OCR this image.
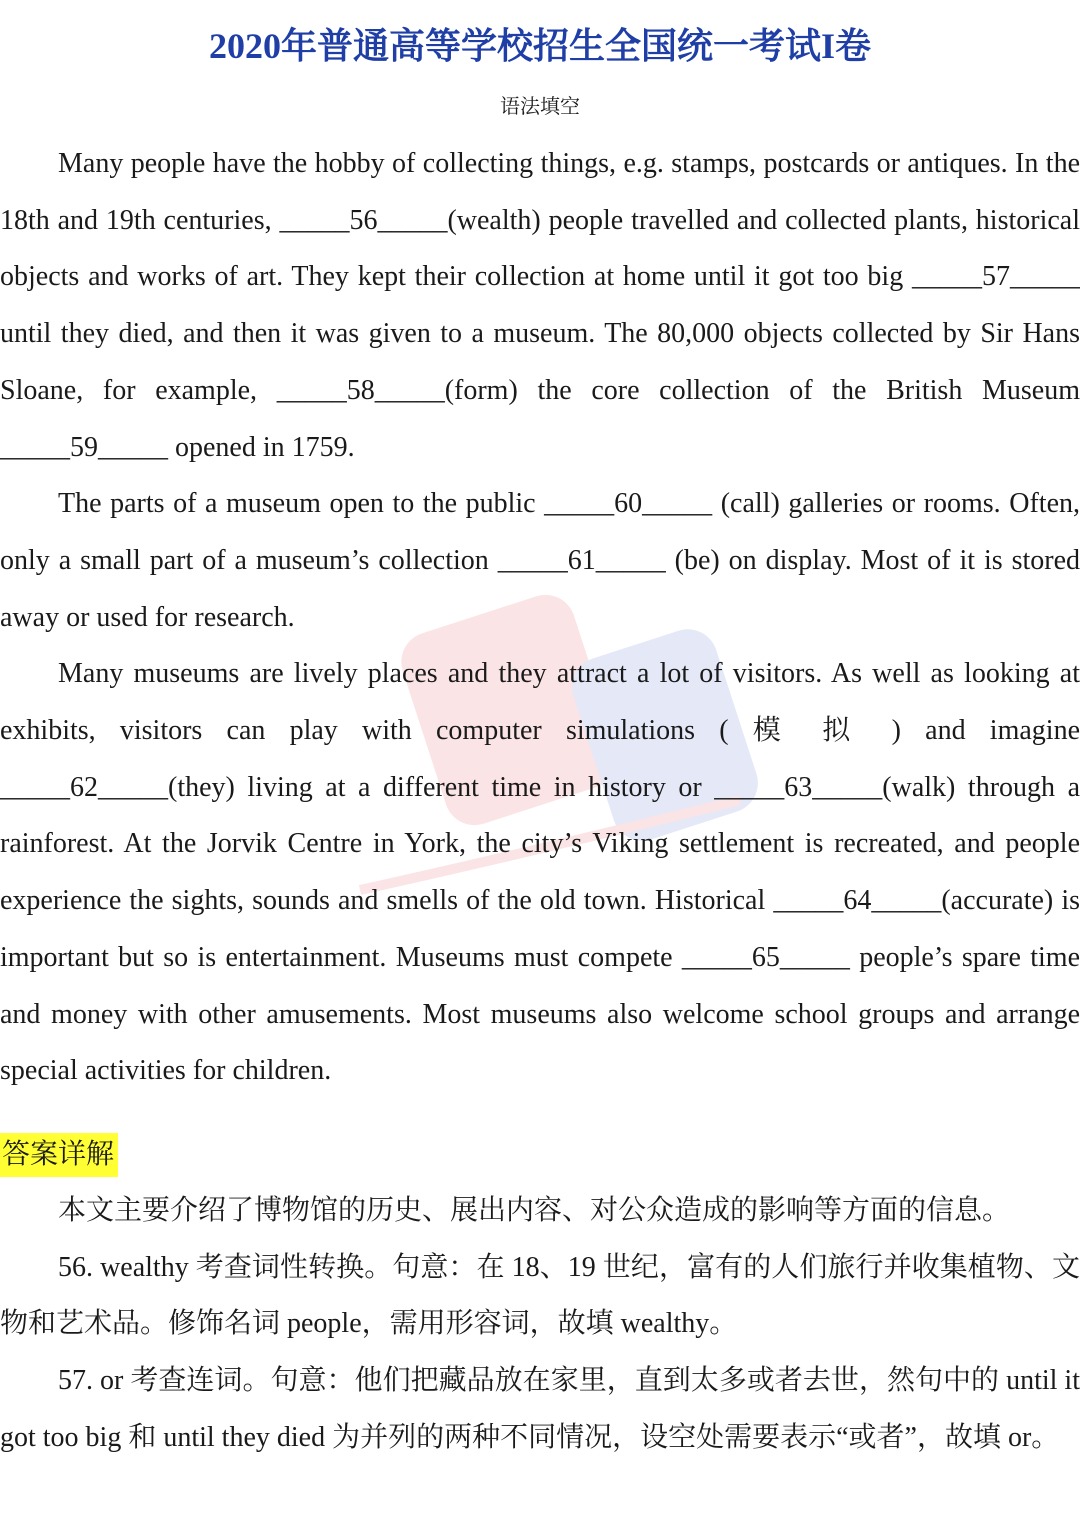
2020年普通高等学校招生全国统一考试I卷
语法填空

Many people have the hobby of collecting things, e.g. stamps, postcards or antiques. In the 18th and 19th centuries, _____56_____(wealth) people travelled and collected plants, historical objects and works of art. They kept their collection at home until it got too big _____57_____ until they died, and then it was given to a museum. The 80,000 objects collected by Sir Hans Sloane, for example, _____58_____(form) the core collection of the British Museum _____59_____ opened in 1759.

The parts of a museum open to the public _____60_____ (call) galleries or rooms. Often, only a small part of a museum’s collection _____61_____ (be) on display. Most of it is stored away or used for research.

Many museums are lively places and they attract a lot of visitors. As well as looking at exhibits, visitors can play with computer simulations ( 模 拟 ) and imagine _____62_____(they) living at a different time in history or _____63_____(walk) through a rainforest. At the Jorvik Centre in York, the city’s Viking settlement is recreated, and people experience the sights, sounds and smells of the old town. Historical _____64_____(accurate) is important but so is entertainment. Museums must compete _____65_____ people’s spare time and money with other amusements. Most museums also welcome school groups and arrange special activities for children.

答案详解

本文主要介绍了博物馆的历史、展出内容、对公众造成的影响等方面的信息。

56. wealthy 考查词性转换。句意：在 18、19 世纪，富有的人们旅行并收集植物、文物和艺术品。修饰名词 people，需用形容词，故填 wealthy。

57. or 考查连词。句意：他们把藏品放在家里，直到太多或者去世，然句中的 until it got too big 和 until they died 为并列的两种不同情况，设空处需要表示“或者”，故填 or。
